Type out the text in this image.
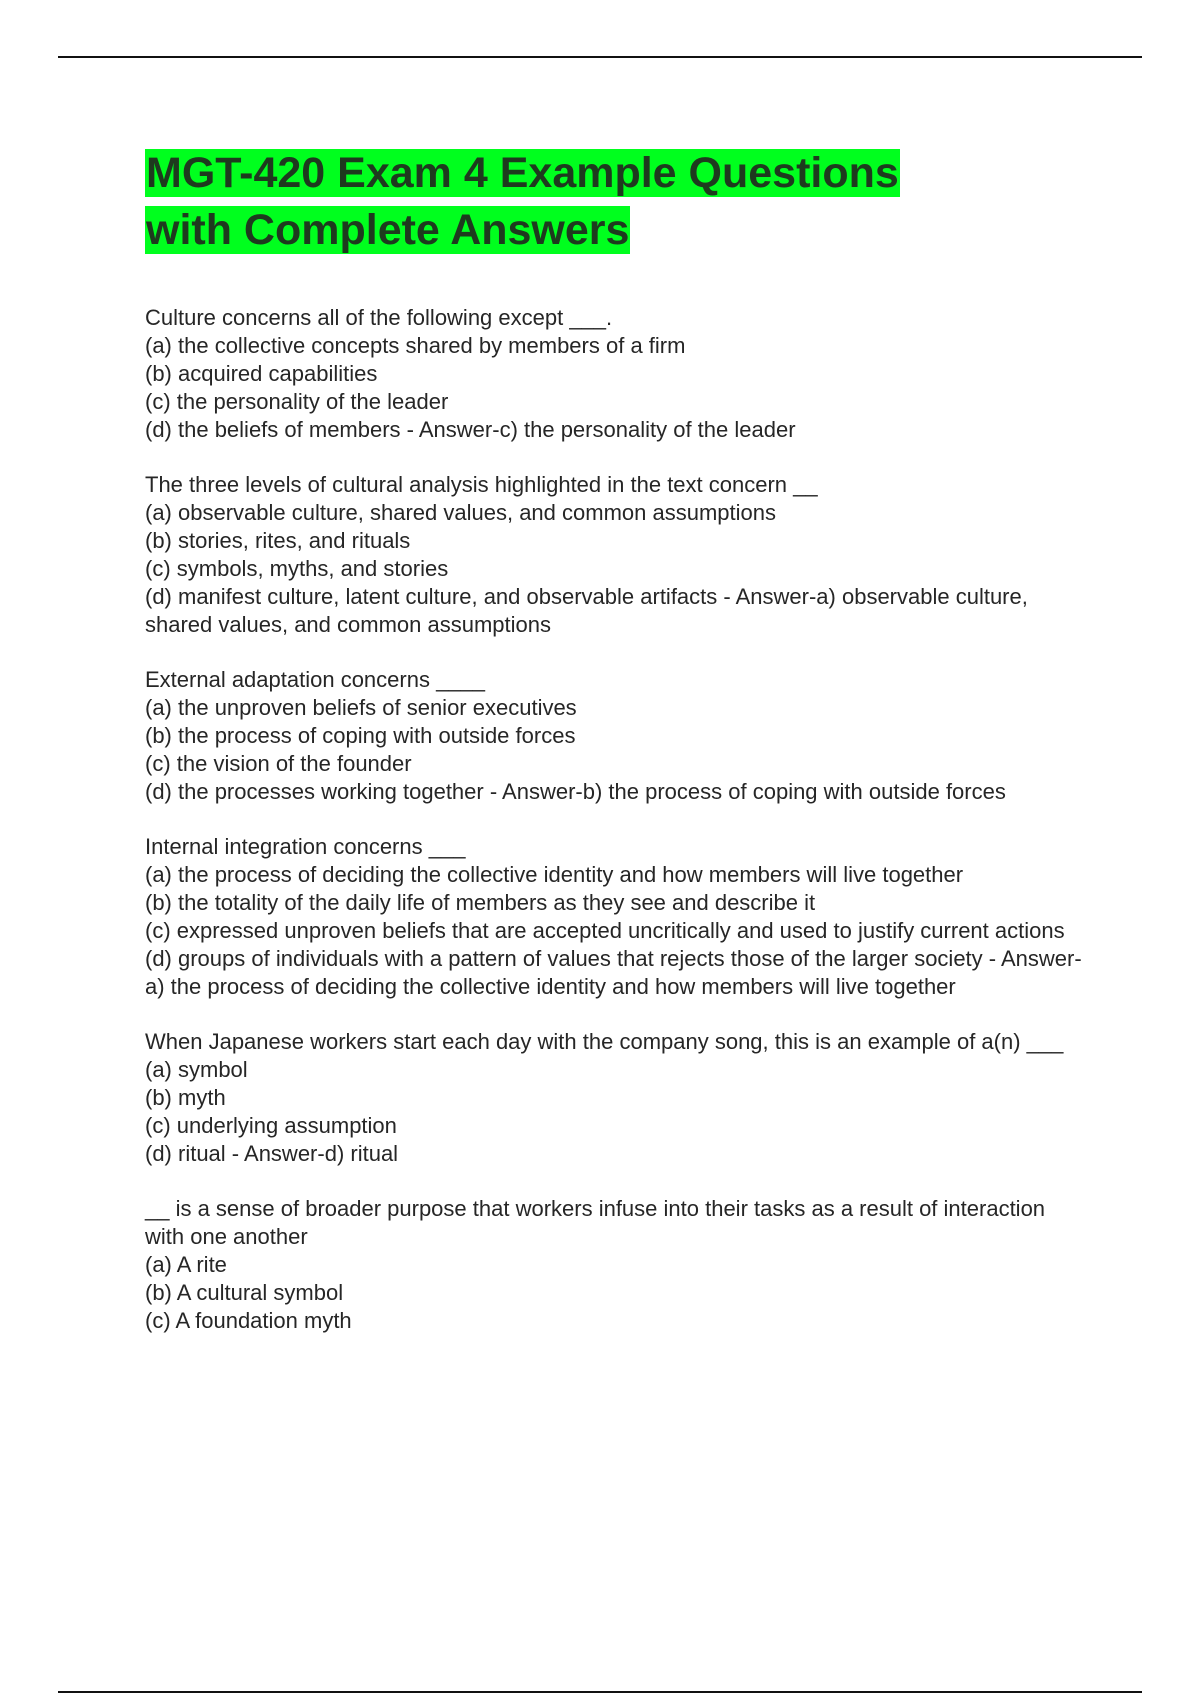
MGT-420 Exam 4 Example Questions
with Complete Answers
Culture concerns all of the following except ___.
(a) the collective concepts shared by members of a firm
(b) acquired capabilities
(c) the personality of the leader
(d) the beliefs of members - Answer-c) the personality of the leader
The three levels of cultural analysis highlighted in the text concern __
(a) observable culture, shared values, and common assumptions
(b) stories, rites, and rituals
(c) symbols, myths, and stories
(d) manifest culture, latent culture, and observable artifacts - Answer-a) observable culture, shared values, and common assumptions
External adaptation concerns ____
(a) the unproven beliefs of senior executives
(b) the process of coping with outside forces
(c) the vision of the founder
(d) the processes working together - Answer-b) the process of coping with outside forces
Internal integration concerns ___
(a) the process of deciding the collective identity and how members will live together
(b) the totality of the daily life of members as they see and describe it
(c) expressed unproven beliefs that are accepted uncritically and used to justify current actions
(d) groups of individuals with a pattern of values that rejects those of the larger society - Answer-a) the process of deciding the collective identity and how members will live together
When Japanese workers start each day with the company song, this is an example of a(n) ___
(a) symbol
(b) myth
(c) underlying assumption
(d) ritual - Answer-d) ritual
__ is a sense of broader purpose that workers infuse into their tasks as a result of interaction with one another
(a) A rite
(b) A cultural symbol
(c) A foundation myth
